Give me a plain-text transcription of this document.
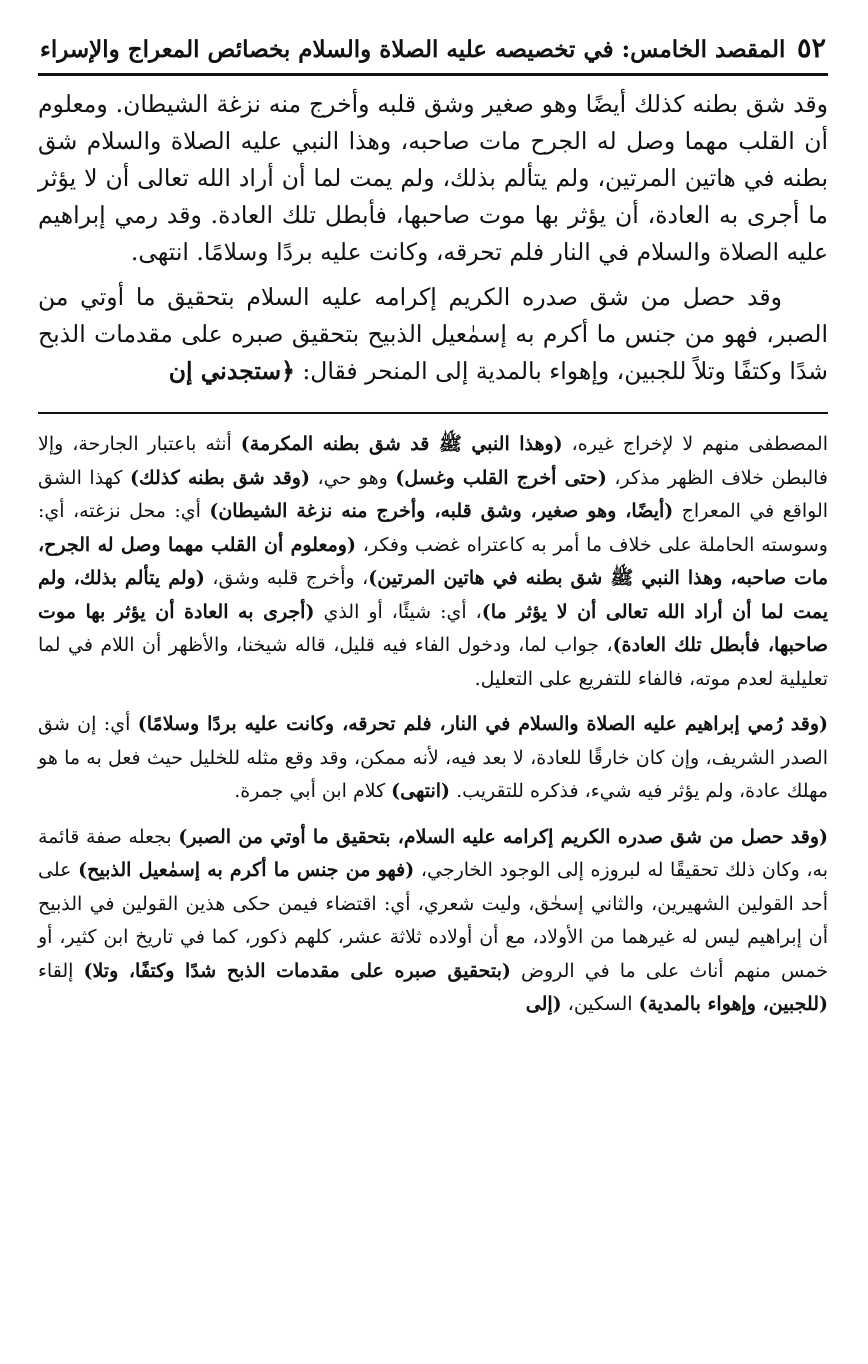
٥٢
المقصد الخامس: في تخصيصه عليه الصلاة والسلام بخصائص المعراج والإسراء

وقد شق بطنه كذلك أيضًا وهو صغير وشق قلبه وأخرج منه نزغة الشيطان. ومعلوم أن القلب مهما وصل له الجرح مات صاحبه، وهذا النبي عليه الصلاة والسلام شق بطنه في هاتين المرتين، ولم يتألم بذلك، ولم يمت لما أن أراد الله تعالى أن لا يؤثر ما أجرى به العادة، أن يؤثر بها موت صاحبها، فأبطل تلك العادة. وقد رمي إبراهيم عليه الصلاة والسلام في النار فلم تحرقه، وكانت عليه بردًا وسلامًا. انتهى.

وقد حصل من شق صدره الكريم إكرامه عليه السلام بتحقيق ما أوتي من الصبر، فهو من جنس ما أكرم به إسمٰعيل الذبيح بتحقيق صبره على مقدمات الذبح شدًا وكتفًا وتلاً للجبين، وإهواء بالمدية إلى المنحر فقال: ﴿ستجدني إن

المصطفى منهم لا لإخراج غيره، (وهذا النبي ﷺ قد شق بطنه المكرمة) أنثه باعتبار الجارحة، وإلا فالبطن خلاف الظهر مذكر، (حتى أخرج القلب وغسل) وهو حي، (وقد شق بطنه كذلك) كهذا الشق الواقع في المعراج (أيضًا، وهو صغير، وشق قلبه، وأخرج منه نزغة الشيطان) أي: محل نزغته، أي: وسوسته الحاملة على خلاف ما أمر به كاعتراه غضب وفكر، (ومعلوم أن القلب مهما وصل له الجرح، مات صاحبه، وهذا النبي ﷺ شق بطنه في هاتين المرتين)، وأخرج قلبه وشق، (ولم يتألم بذلك، ولم يمت لما أن أراد الله تعالى أن لا يؤثر ما)، أي: شيئًا، أو الذي (أجرى به العادة أن يؤثر بها موت صاحبها، فأبطل تلك العادة)، جواب لما، ودخول الفاء فيه قليل، قاله شيخنا، والأظهر أن اللام في لما تعليلية لعدم موته، فالفاء للتفريع على التعليل.

(وقد رُمي إبراهيم عليه الصلاة والسلام في النار، فلم تحرقه، وكانت عليه بردًا وسلامًا) أي: إن شق الصدر الشريف، وإن كان خارقًا للعادة، لا بعد فيه، لأنه ممكن، وقد وقع مثله للخليل حيث فعل به ما هو مهلك عادة، ولم يؤثر فيه شيء، فذكره للتقريب. (انتهى) كلام ابن أبي جمرة.

(وقد حصل من شق صدره الكريم إكرامه عليه السلام، بتحقيق ما أوتي من الصبر) بجعله صفة قائمة به، وكان ذلك تحقيقًا له لبروزه إلى الوجود الخارجي، (فهو من جنس ما أكرم به إسمٰعيل الذبيح) على أحد القولين الشهيرين، والثاني إسحٰق، وليت شعري، أي: اقتضاء فيمن حكى هذين القولين في الذبيح أن إبراهيم ليس له غيرهما من الأولاد، مع أن أولاده ثلاثة عشر، كلهم ذكور، كما في تاريخ ابن كثير، أو خمس منهم أناث على ما في الروض (بتحقيق صبره على مقدمات الذبح شدًا وكتفًا، وتلا) إلقاء (للجبين، وإهواء بالمدية) السكين، (إلى
